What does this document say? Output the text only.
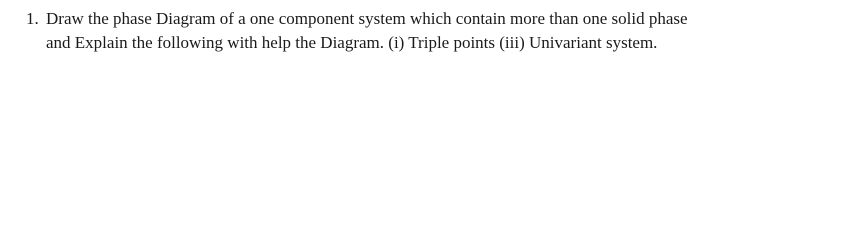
1. Draw the phase Diagram of a one component system which contain more than one solid phase
and Explain the following with help the Diagram. (i) Triple points (iii) Univariant system.
